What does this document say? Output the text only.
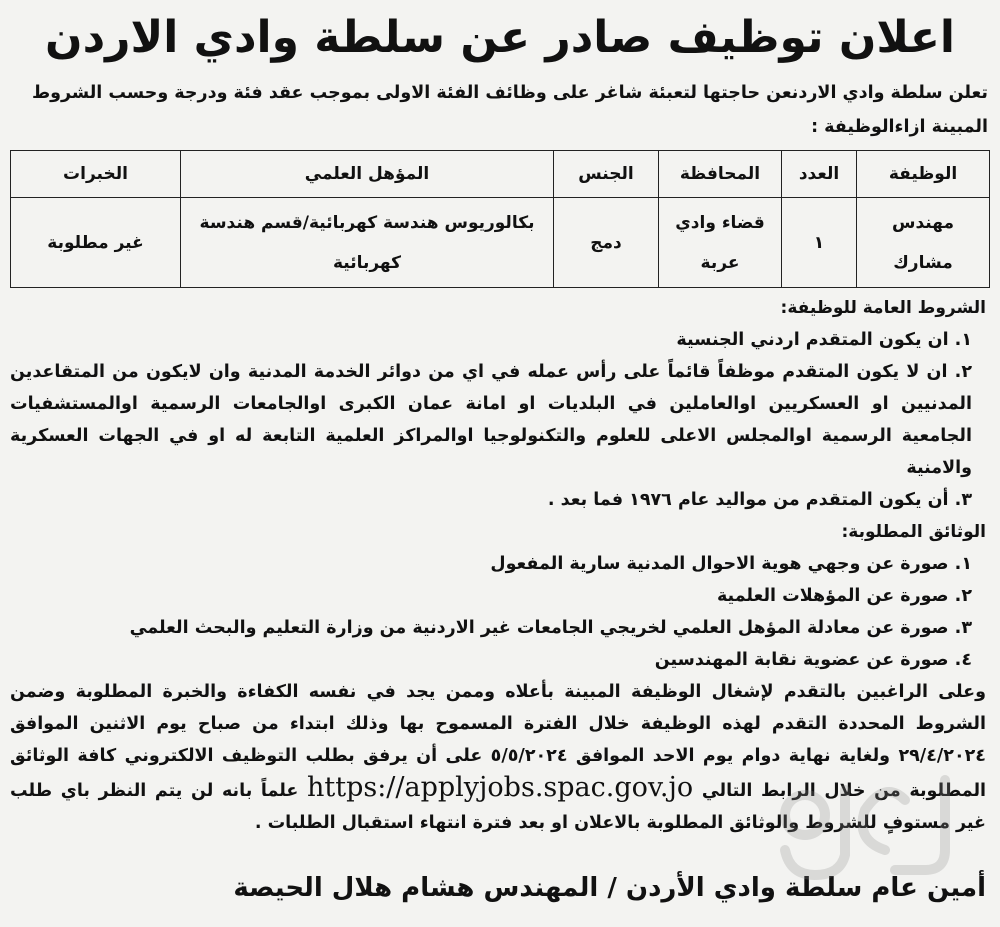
اعلان توظيف صادر عن سلطة وادي الاردن
تعلن سلطة وادي الاردنعن حاجتها لتعبئة شاغر على وظائف الفئة الاولى بموجب عقد فئة ودرجة وحسب الشروط المبينة ازاءالوظيفة :
الوظيفة	العدد	المحافظة	الجنس	المؤهل العلمي	الخبرات
مهندس مشارك	١	قضاء وادي عربة	دمج	بكالوريوس هندسة كهربائية/قسم هندسة كهربائية	غير مطلوبة

الشروط العامة للوظيفة:

١. ان يكون المتقدم اردني الجنسية

٢. ان لا يكون المتقدم موظفاً قائماً على رأس عمله في اي من دوائر الخدمة المدنية وان لايكون من المتقاعدين المدنيين او العسكريين اوالعاملين في البلديات او امانة عمان الكبرى اوالجامعات الرسمية اوالمستشفيات الجامعية الرسمية اوالمجلس الاعلى للعلوم والتكنولوجيا اوالمراكز العلمية التابعة له او في الجهات العسكرية والامنية

٣. أن يكون المتقدم من مواليد عام ١٩٧٦ فما بعد .

الوثائق المطلوبة:

١. صورة عن وجهي هوية الاحوال المدنية سارية المفعول

٢. صورة عن المؤهلات العلمية

٣. صورة عن معادلة المؤهل العلمي لخريجي الجامعات غير الاردنية من وزارة التعليم والبحث العلمي

٤. صورة عن عضوية نقابة المهندسين

وعلى الراغبين بالتقدم لإشغال الوظيفة المبينة بأعلاه وممن يجد في نفسه الكفاءة والخبرة المطلوبة وضمن الشروط المحددة التقدم لهذه الوظيفة خلال الفترة المسموح بها وذلك ابتداء من صباح يوم الاثنين الموافق ٢٩/٤/٢٠٢٤ ولغاية نهاية دوام يوم الاحد الموافق ٥/٥/٢٠٢٤ على أن يرفق بطلب التوظيف الالكتروني كافة الوثائق المطلوبة من خلال الرابط التالي https://applyjobs.spac.gov.jo علماً بانه لن يتم النظر باي طلب غير مستوفٍ للشروط والوثائق المطلوبة بالاعلان او بعد فترة انتهاء استقبال الطلبات .

أمين عام سلطة وادي الأردن / المهندس هشام هلال الحيصة
